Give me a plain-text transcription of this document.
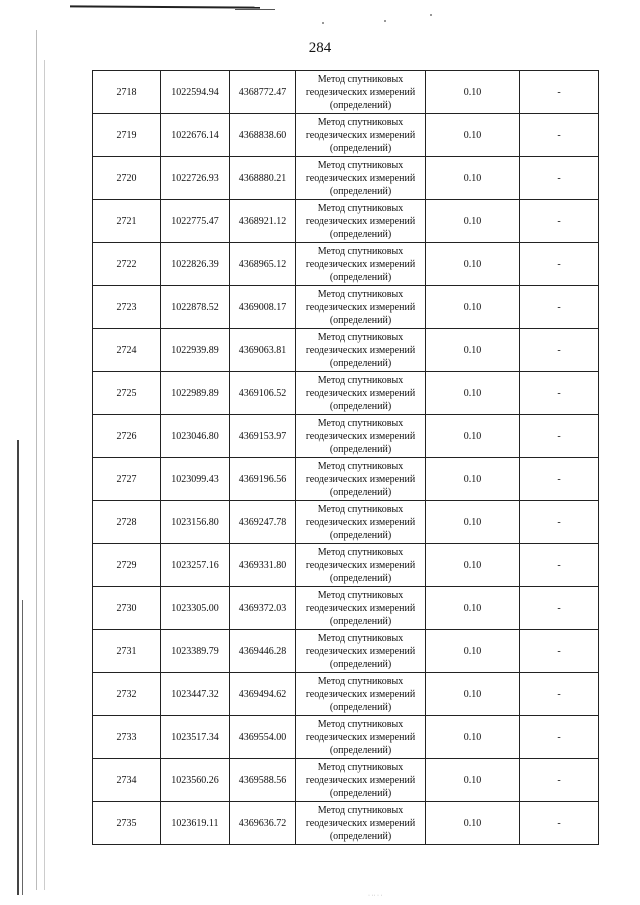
284
2718	1022594.94	4368772.47	Метод спутниковых
геодезических измерений
(определений)	0.10	-
2719	1022676.14	4368838.60	Метод спутниковых
геодезических измерений
(определений)	0.10	-
2720	1022726.93	4368880.21	Метод спутниковых
геодезических измерений
(определений)	0.10	-
2721	1022775.47	4368921.12	Метод спутниковых
геодезических измерений
(определений)	0.10	-
2722	1022826.39	4368965.12	Метод спутниковых
геодезических измерений
(определений)	0.10	-
2723	1022878.52	4369008.17	Метод спутниковых
геодезических измерений
(определений)	0.10	-
2724	1022939.89	4369063.81	Метод спутниковых
геодезических измерений
(определений)	0.10	-
2725	1022989.89	4369106.52	Метод спутниковых
геодезических измерений
(определений)	0.10	-
2726	1023046.80	4369153.97	Метод спутниковых
геодезических измерений
(определений)	0.10	-
2727	1023099.43	4369196.56	Метод спутниковых
геодезических измерений
(определений)	0.10	-
2728	1023156.80	4369247.78	Метод спутниковых
геодезических измерений
(определений)	0.10	-
2729	1023257.16	4369331.80	Метод спутниковых
геодезических измерений
(определений)	0.10	-
2730	1023305.00	4369372.03	Метод спутниковых
геодезических измерений
(определений)	0.10	-
2731	1023389.79	4369446.28	Метод спутниковых
геодезических измерений
(определений)	0.10	-
2732	1023447.32	4369494.62	Метод спутниковых
геодезических измерений
(определений)	0.10	-
2733	1023517.34	4369554.00	Метод спутниковых
геодезических измерений
(определений)	0.10	-
2734	1023560.26	4369588.56	Метод спутниковых
геодезических измерений
(определений)	0.10	-
2735	1023619.11	4369636.72	Метод спутниковых
геодезических измерений
(определений)	0.10	-
· ·· · ·
